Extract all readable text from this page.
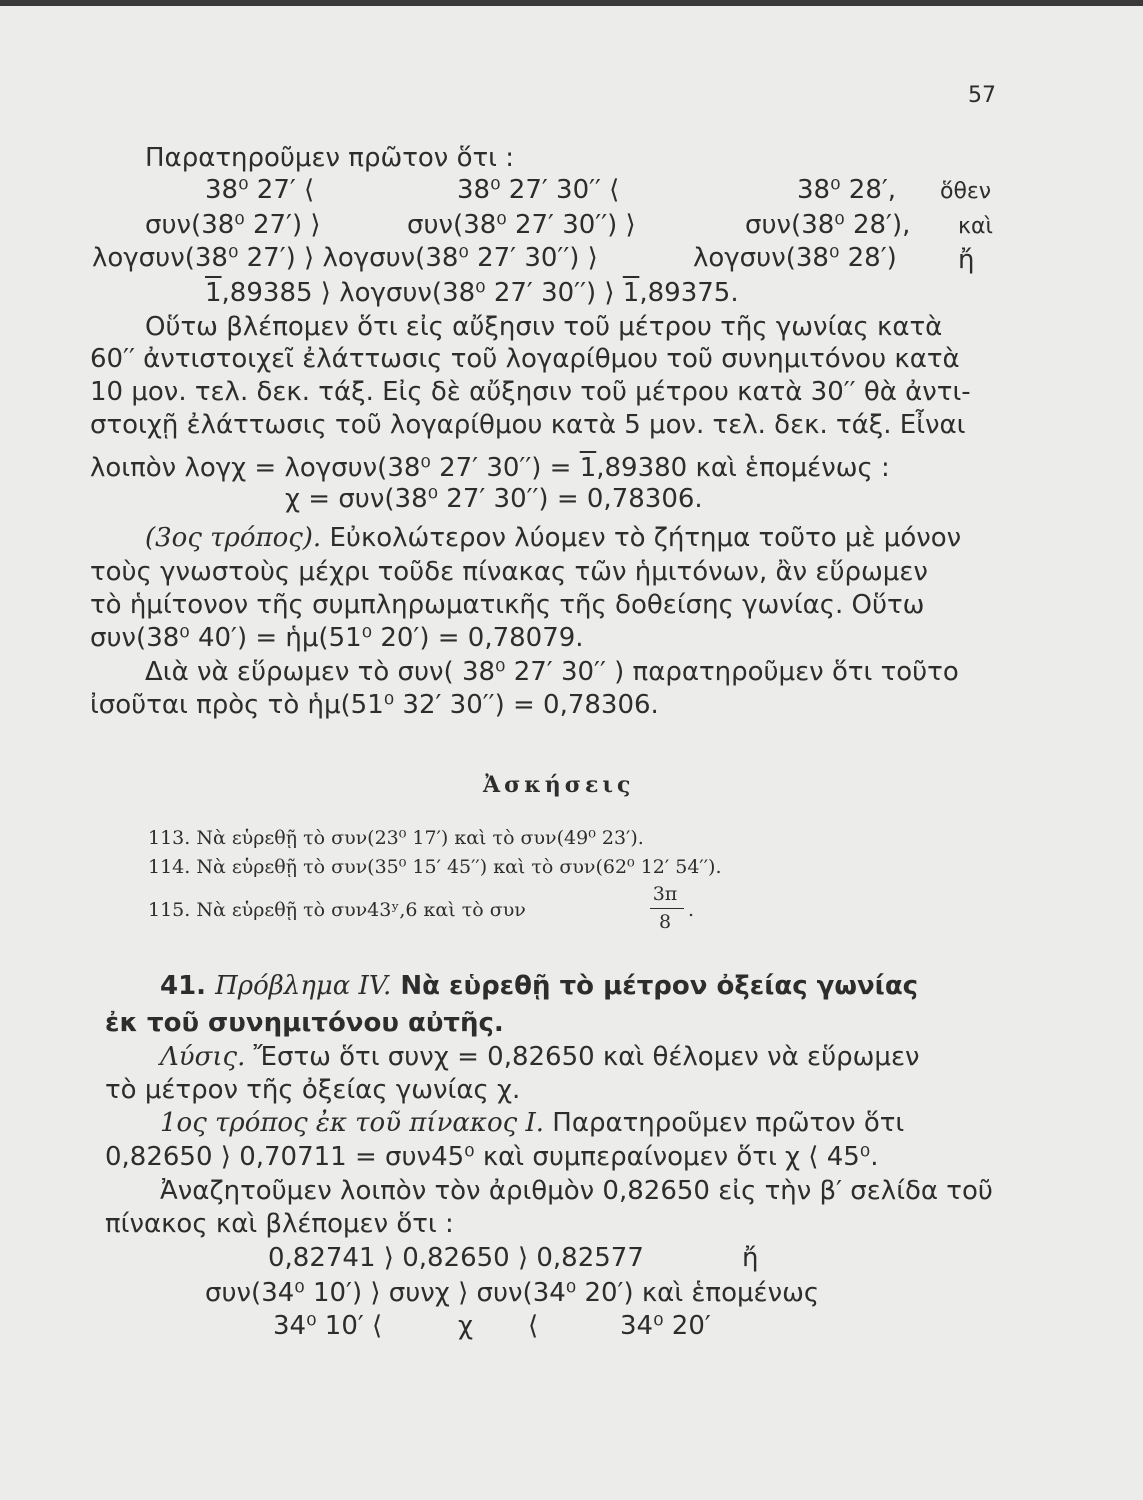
57
Παρατηροῦμεν πρῶτον ὅτι :
38⁰ 27′ ⟨	38⁰ 27′ 30′′ ⟨	38⁰ 28′, ὅθεν
συν(38⁰ 27′) ⟩	συν(38⁰ 27′ 30′′) ⟩	συν(38⁰ 28′), καὶ
λογσυν(38⁰ 27′) ⟩ λογσυν(38⁰ 27′ 30′′) ⟩	λογσυν(38⁰ 28′) ἤ
1,89385 ⟩ λογσυν(38⁰ 27′ 30′′) ⟩ 1,89375.
Οὕτω βλέπομεν ὅτι εἰς αὔξησιν τοῦ μέτρου τῆς γωνίας κατὰ
60′′ ἀντιστοιχεῖ ἐλάττωσις τοῦ λογαρίθμου τοῦ συνημιτόνου κατὰ
10 μον. τελ. δεκ. τάξ. Εἰς δὲ αὔξησιν τοῦ μέτρου κατὰ 30′′ θὰ ἀντι-
στοιχῇ ἐλάττωσις τοῦ λογαρίθμου κατὰ 5 μον. τελ. δεκ. τάξ. Εἶναι
λοιπὸν λογχ = λογσυν(38⁰ 27′ 30′′) = 1,89380 καὶ ἑπομένως :
χ = συν(38⁰ 27′ 30′′) = 0,78306.
(3ος τρόπος). Εὐκολώτερον λύομεν τὸ ζήτημα τοῦτο μὲ μόνον
τοὺς γνωστοὺς μέχρι τοῦδε πίνακας τῶν ἡμιτόνων, ἂν εὕρωμεν
τὸ ἡμίτονον τῆς συμπληρωματικῆς τῆς δοθείσης γωνίας. Οὕτω
συν(38⁰ 40′) = ἡμ(51⁰ 20′) = 0,78079.
Διὰ νὰ εὕρωμεν τὸ συν( 38⁰ 27′ 30′′ ) παρατηροῦμεν ὅτι τοῦτο
ἰσοῦται πρὸς τὸ ἡμ(51⁰ 32′ 30′′) = 0,78306.
Ἀσκήσεις
113. Νὰ εὑρεθῇ τὸ συν(23⁰ 17′) καὶ τὸ συν(49⁰ 23′).
114. Νὰ εὑρεθῇ τὸ συν(35⁰ 15′ 45′′) καὶ τὸ συν(62⁰ 12′ 54′′).
115. Νὰ εὑρεθῇ τὸ συν43ʸ,6 καὶ τὸ συν
3π
8
.
41. Πρόβλημα IV. Νὰ εὑρεθῇ τὸ μέτρον ὀξείας γωνίας
ἐκ τοῦ συνημιτόνου αὐτῆς.
Λύσις. Ἔστω ὅτι συνχ = 0,82650 καὶ θέλομεν νὰ εὕρωμεν
τὸ μέτρον τῆς ὀξείας γωνίας χ.
1ος τρόπος ἐκ τοῦ πίνακος I. Παρατηροῦμεν πρῶτον ὅτι
0,82650 ⟩ 0,70711 = συν45⁰ καὶ συμπεραίνομεν ὅτι χ ⟨ 45⁰.
Ἀναζητοῦμεν λοιπὸν τὸν ἀριθμὸν 0,82650 εἰς τὴν β′ σελίδα τοῦ
πίνακος καὶ βλέπομεν ὅτι :
0,82741 ⟩ 0,82650 ⟩ 0,82577	ἤ
συν(34⁰ 10′) ⟩ συνχ ⟩ συν(34⁰ 20′) καὶ ἑπομένως
34⁰ 10′ ⟨	χ ⟨	34⁰ 20′
